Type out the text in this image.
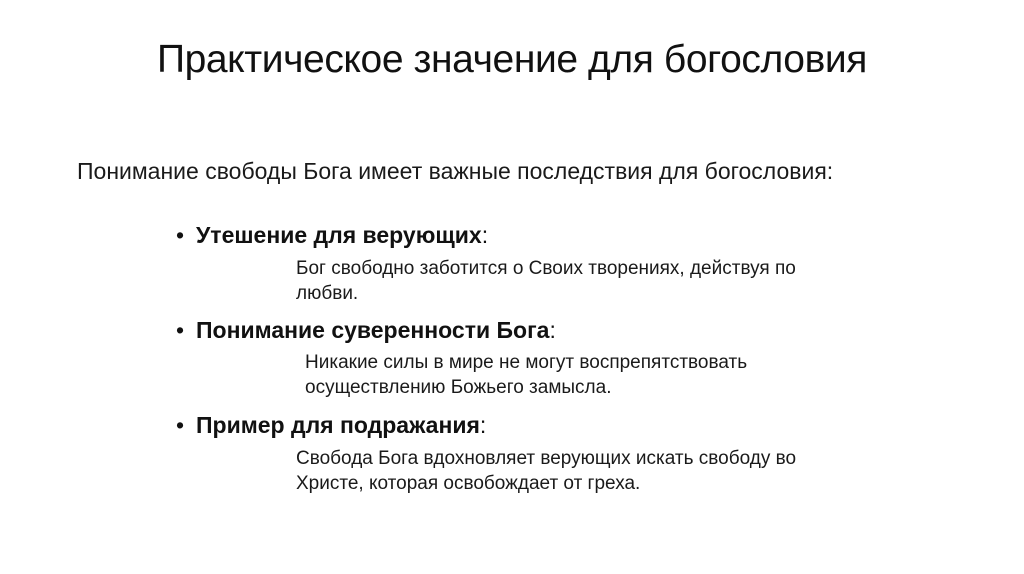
Практическое значение для богословия
Понимание свободы Бога имеет важные последствия для богословия:
• Утешение для верующих:
Бог свободно заботится о Своих творениях, действуя по
любви.
• Понимание суверенности Бога:
Никакие силы в мире не могут воспрепятствовать
осуществлению Божьего замысла.
• Пример для подражания:
Свобода Бога вдохновляет верующих искать свободу во
Христе, которая освобождает от греха.
